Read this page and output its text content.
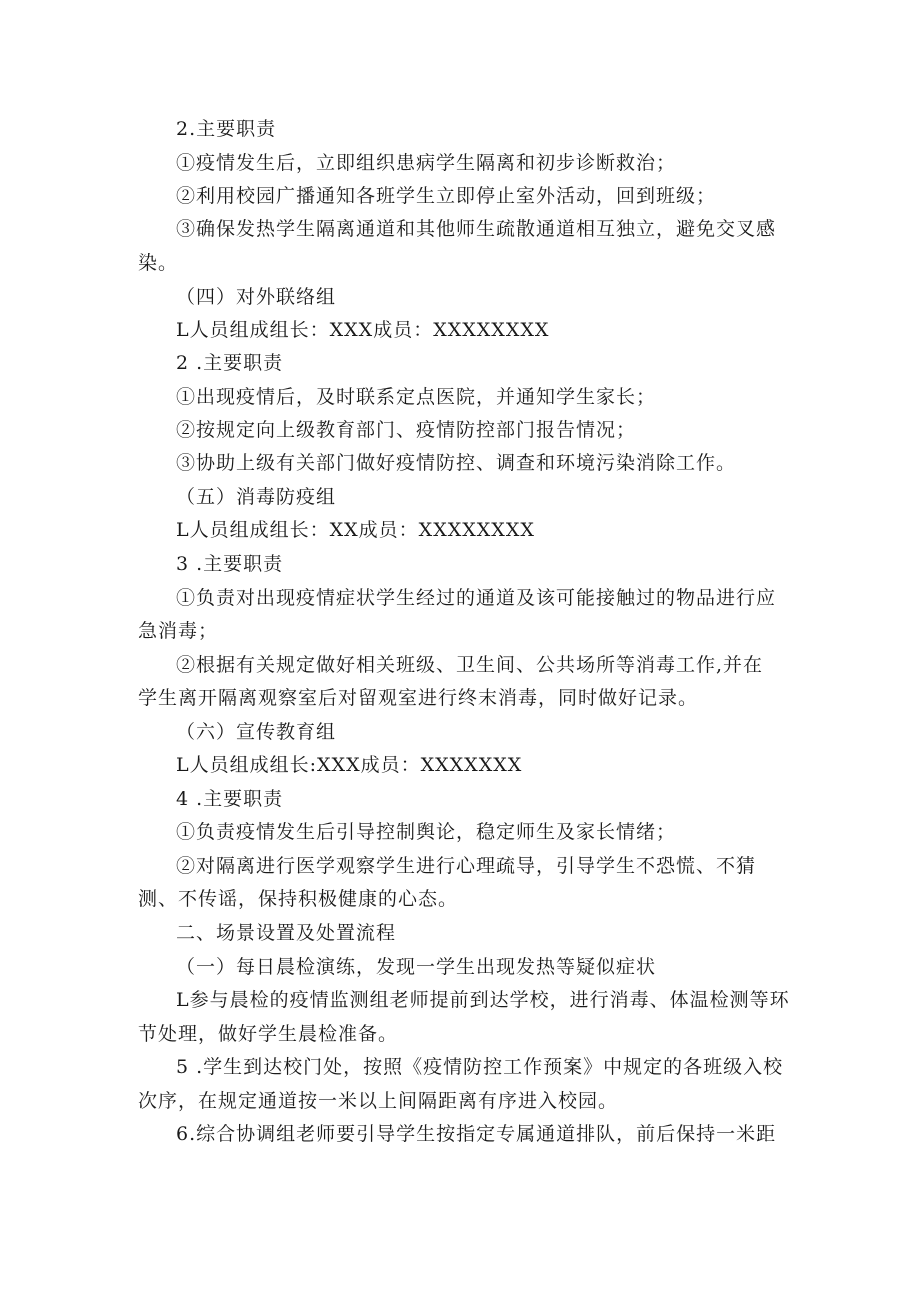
2.主要职责
①疫情发生后，立即组织患病学生隔离和初步诊断救治；
②利用校园广播通知各班学生立即停止室外活动，回到班级；
③确保发热学生隔离通道和其他师生疏散通道相互独立，避免交叉感
染。
（四）对外联络组
L人员组成组长：XXX成员：XXXXXXXX
2 .主要职责
①出现疫情后，及时联系定点医院，并通知学生家长；
②按规定向上级教育部门、疫情防控部门报告情况；
③协助上级有关部门做好疫情防控、调查和环境污染消除工作。
（五）消毒防疫组
L人员组成组长：XX成员：XXXXXXXX
3 .主要职责
①负责对出现疫情症状学生经过的通道及该可能接触过的物品进行应
急消毒；
②根据有关规定做好相关班级、卫生间、公共场所等消毒工作,并在
学生离开隔离观察室后对留观室进行终末消毒，同时做好记录。
（六）宣传教育组
L人员组成组长:XXX成员：XXXXXXX
4 .主要职责
①负责疫情发生后引导控制舆论，稳定师生及家长情绪；
②对隔离进行医学观察学生进行心理疏导，引导学生不恐慌、不猜
测、不传谣，保持积极健康的心态。
二、场景设置及处置流程
（一）每日晨检演练，发现一学生出现发热等疑似症状
L参与晨检的疫情监测组老师提前到达学校，进行消毒、体温检测等环
节处理，做好学生晨检准备。
5 .学生到达校门处，按照《疫情防控工作预案》中规定的各班级入校
次序，在规定通道按一米以上间隔距离有序进入校园。
6.综合协调组老师要引导学生按指定专属通道排队，前后保持一米距
